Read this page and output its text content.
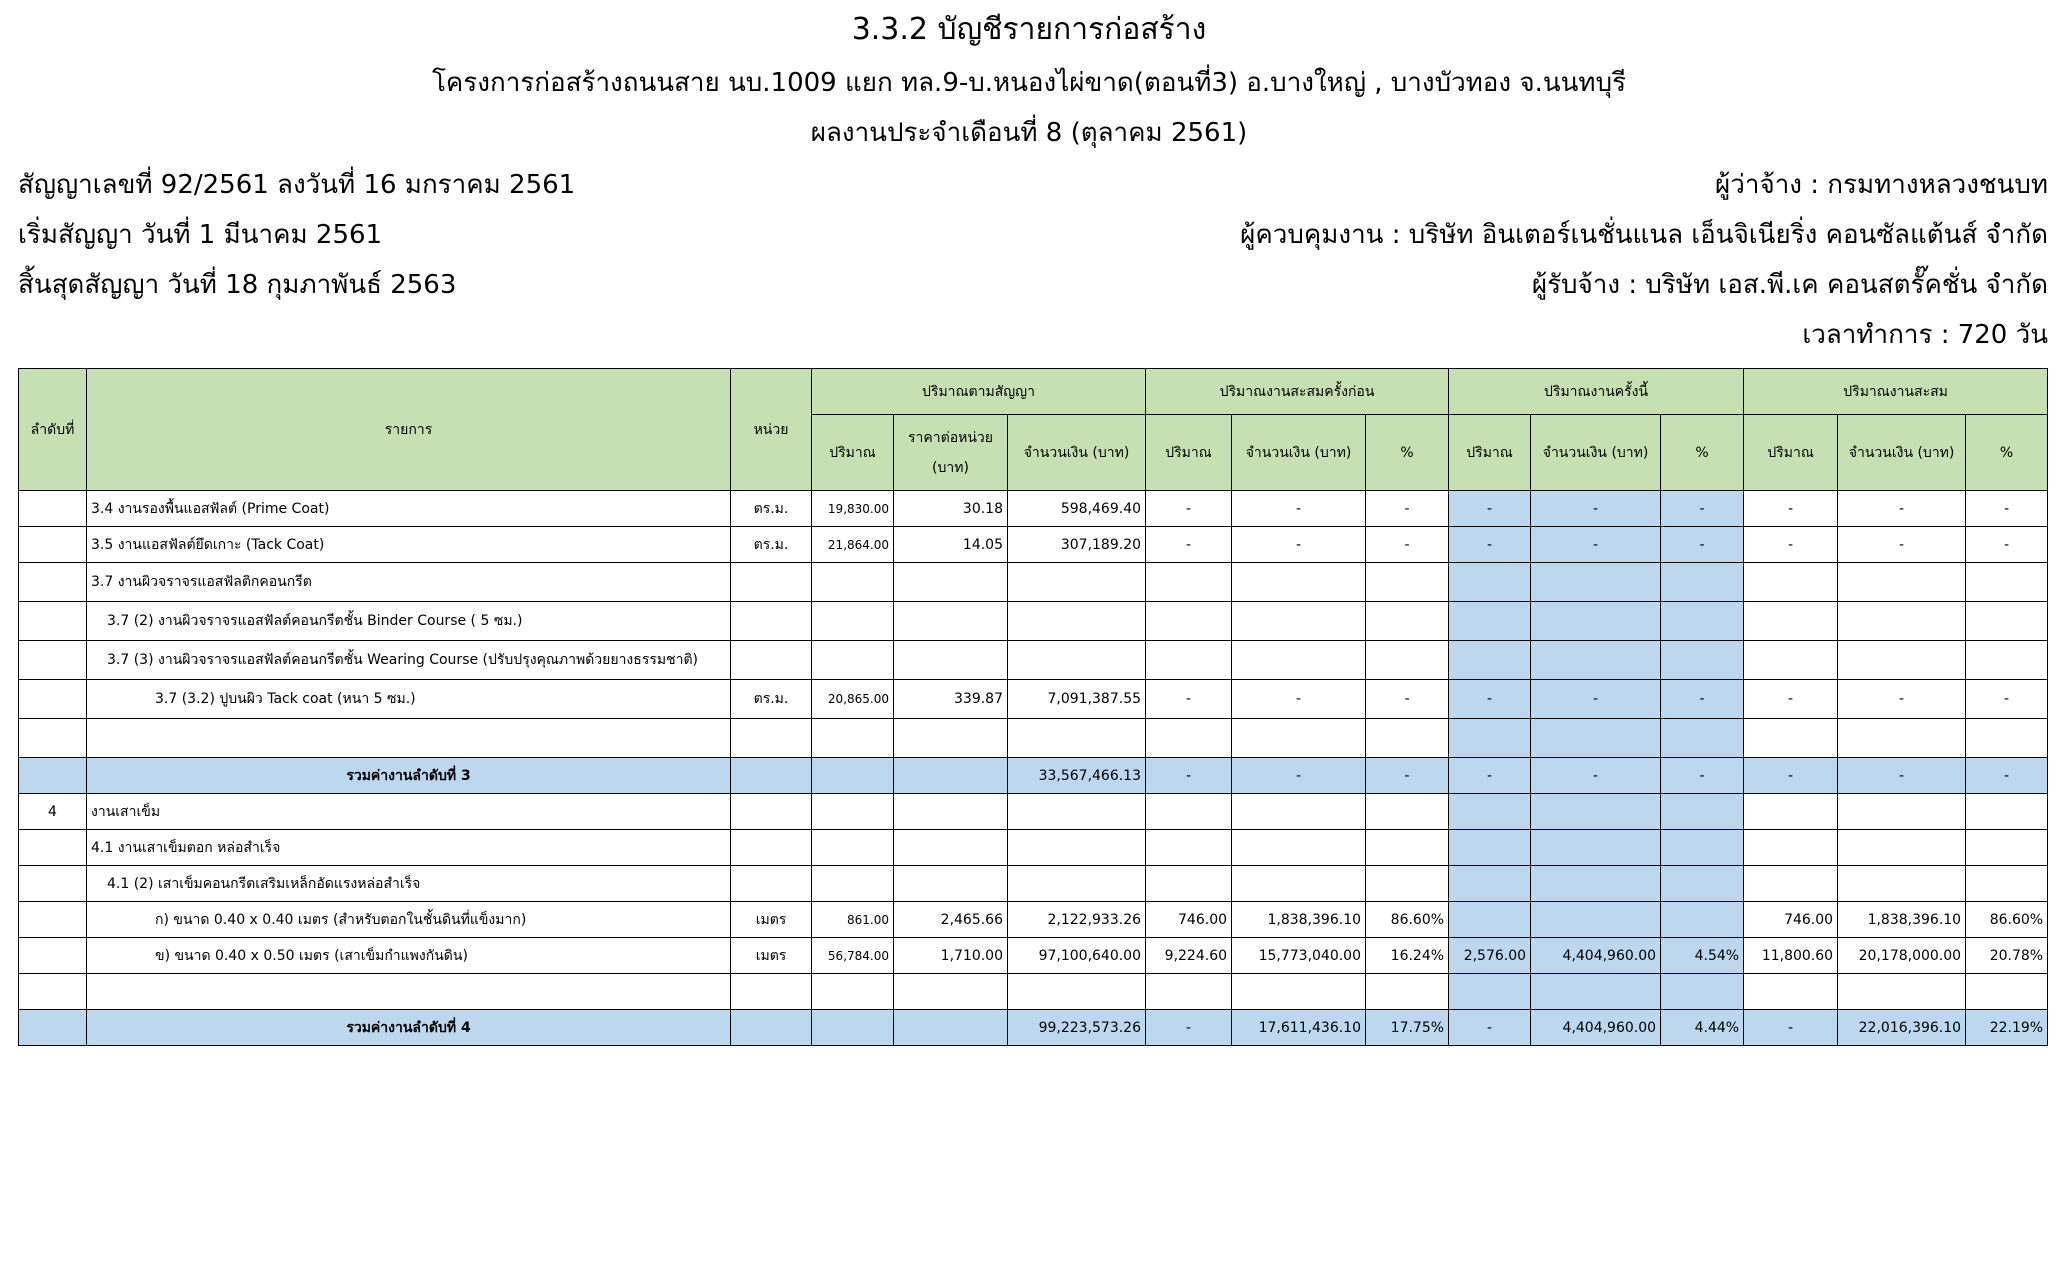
3.3.2 บัญชีรายการก่อสร้าง
โครงการก่อสร้างถนนสาย นบ.1009 แยก ทล.9-บ.หนองไผ่ขาด(ตอนที่3) อ.บางใหญ่ , บางบัวทอง จ.นนทบุรี
ผลงานประจำเดือนที่ 8 (ตุลาคม 2561)
สัญญาเลขที่ 92/2561 ลงวันที่ 16 มกราคม 2561
เริ่มสัญญา วันที่ 1 มีนาคม 2561
สิ้นสุดสัญญา วันที่ 18 กุมภาพันธ์ 2563
ผู้ว่าจ้าง : กรมทางหลวงชนบท
ผู้ควบคุมงาน : บริษัท อินเตอร์เนชั่นแนล เอ็นจิเนียริ่ง คอนซัลแต้นส์ จำกัด
ผู้รับจ้าง : บริษัท เอส.พี.เค คอนสตรั๊คชั่น จำกัด
เวลาทำการ : 720 วัน
ลำดับที่	รายการ	หน่วย	ปริมาณตามสัญญา			ปริมาณงานสะสมครั้งก่อน			ปริมาณงานครั้งนี้			ปริมาณงานสะสม		
			ปริมาณ	ราคาต่อหน่วย (บาท)	จำนวนเงิน (บาท)	ปริมาณ	จำนวนเงิน (บาท)	%	ปริมาณ	จำนวนเงิน (บาท)	%	ปริมาณ	จำนวนเงิน (บาท)	%
	3.4 งานรองพื้นแอสฟัลต์ (Prime Coat)	ตร.ม.	19,830.00	30.18	598,469.40	-	-	-	-	-	-	-	-	-
	3.5 งานแอสฟัลต์ยึดเกาะ (Tack Coat)	ตร.ม.	21,864.00	14.05	307,189.20	-	-	-	-	-	-	-	-	-
	3.7 งานผิวจราจรแอสฟัลติกคอนกรีต													
	3.7 (2) งานผิวจราจรแอสฟัลต์คอนกรีตชั้น Binder Course ( 5 ซม.)													
	3.7 (3) งานผิวจราจรแอสฟัลต์คอนกรีตชั้น Wearing Course (ปรับปรุงคุณภาพด้วยยางธรรมชาติ)													
	3.7 (3.2) ปูบนผิว Tack coat (หนา 5 ซม.)	ตร.ม.	20,865.00	339.87	7,091,387.55	-	-	-	-	-	-	-	-	-

	รวมค่างานลำดับที่ 3				33,567,466.13	-	-	-	-	-	-	-	-	-
4	งานเสาเข็ม													
	4.1 งานเสาเข็มตอก หล่อสำเร็จ													
	4.1 (2) เสาเข็มคอนกรีตเสริมเหล็กอัดแรงหล่อสำเร็จ													
	ก) ขนาด 0.40 x 0.40 เมตร (สำหรับตอกในชั้นดินที่แข็งมาก)	เมตร	861.00	2,465.66	2,122,933.26	746.00	1,838,396.10	86.60%				746.00	1,838,396.10	86.60%
	ข) ขนาด 0.40 x 0.50 เมตร (เสาเข็มกำแพงกันดิน)	เมตร	56,784.00	1,710.00	97,100,640.00	9,224.60	15,773,040.00	16.24%	2,576.00	4,404,960.00	4.54%	11,800.60	20,178,000.00	20.78%

	รวมค่างานลำดับที่ 4				99,223,573.26	-	17,611,436.10	17.75%	-	4,404,960.00	4.44%	-	22,016,396.10	22.19%
